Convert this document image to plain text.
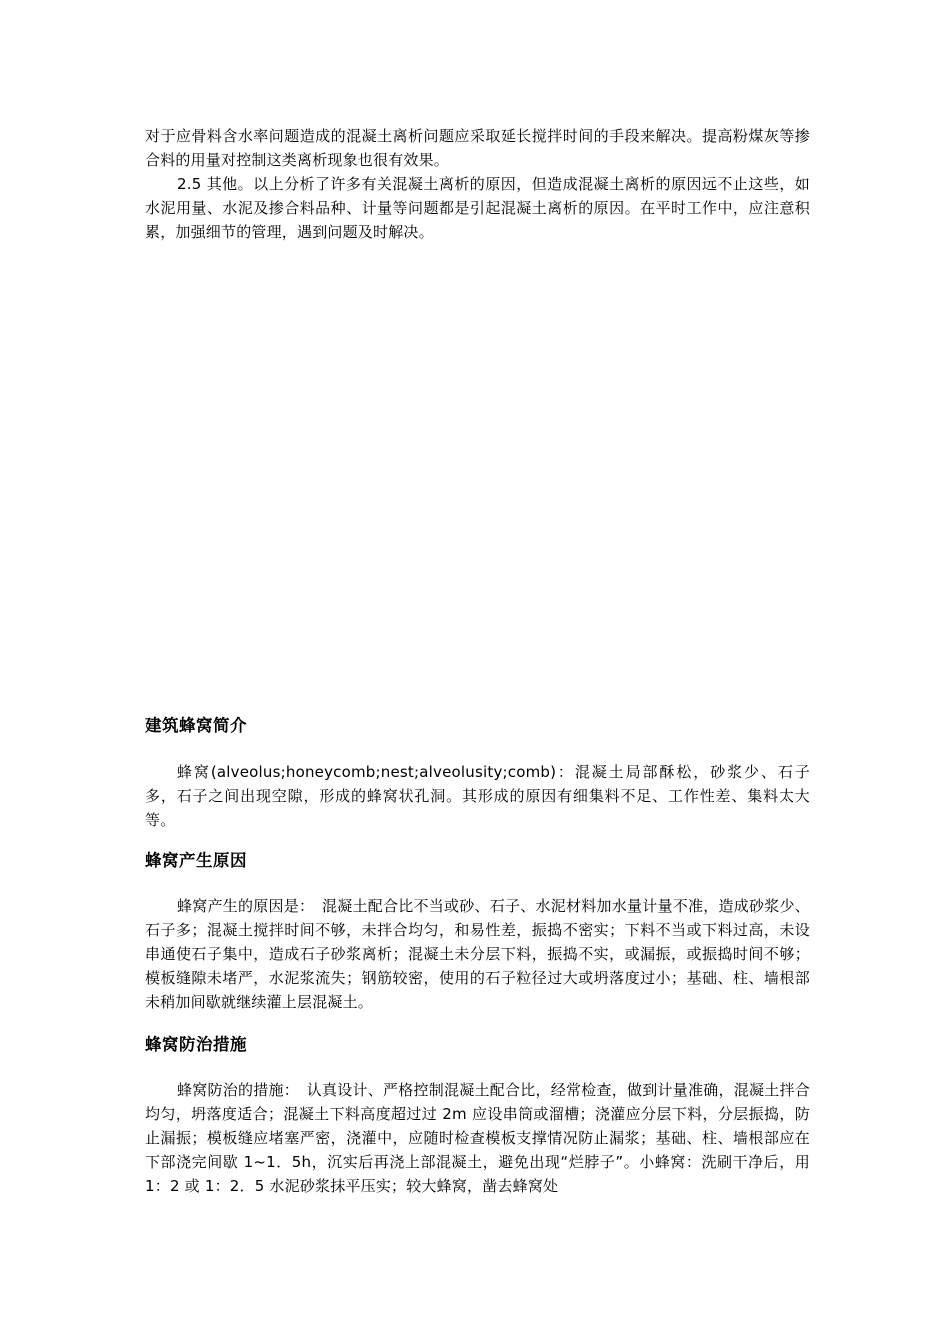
对于应骨料含水率问题造成的混凝土离析问题应采取延长搅拌时间的手段来解决。提高粉煤灰等掺合料的用量对控制这类离析现象也很有效果。

2.5 其他。以上分析了许多有关混凝土离析的原因，但造成混凝土离析的原因远不止这些，如水泥用量、水泥及掺合料品种、计量等问题都是引起混凝土离析的原因。在平时工作中，应注意积累，加强细节的管理，遇到问题及时解决。

建筑蜂窝简介

蜂窝(alveolus;honeycomb;nest;alveolusity;comb)：混凝土局部酥松，砂浆少、石子多，石子之间出现空隙，形成的蜂窝状孔洞。其形成的原因有细集料不足、工作性差、集料太大等。

蜂窝产生原因

蜂窝产生的原因是：　混凝土配合比不当或砂、石子、水泥材料加水量计量不准，造成砂浆少、石子多；混凝土搅拌时间不够，未拌合均匀，和易性差，振捣不密实；下料不当或下料过高，未设串通使石子集中，造成石子砂浆离析；混凝土未分层下料，振捣不实，或漏振，或振捣时间不够；模板缝隙未堵严，水泥浆流失；钢筋较密，使用的石子粒径过大或坍落度过小；基础、柱、墙根部未稍加间歇就继续灌上层混凝土。

蜂窝防治措施

蜂窝防治的措施：　认真设计、严格控制混凝土配合比，经常检查，做到计量准确，混凝土拌合均匀，坍落度适合；混凝土下料高度超过过 2m 应设串筒或溜槽；浇灌应分层下料，分层振捣，防止漏振；模板缝应堵塞严密，浇灌中，应随时检查模板支撑情况防止漏浆；基础、柱、墙根部应在下部浇完间歇 1~1．5h，沉实后再浇上部混凝土，避免出现“烂脖子”。小蜂窝：洗刷干净后，用 1：2 或 1：2．5 水泥砂浆抹平压实；较大蜂窝，凿去蜂窝处
